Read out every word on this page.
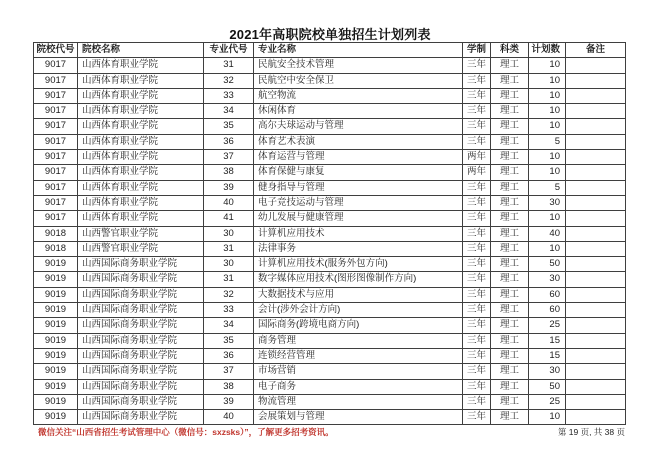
2021年高职院校单独招生计划列表
院校代号	院校名称	专业代号	专业名称	学制	科类	计划数	备注
9017	山西体育职业学院	31	民航安全技术管理	三年	理工	10	
9017	山西体育职业学院	32	民航空中安全保卫	三年	理工	10	
9017	山西体育职业学院	33	航空物流	三年	理工	10	
9017	山西体育职业学院	34	休闲体育	三年	理工	10	
9017	山西体育职业学院	35	高尔夫球运动与管理	三年	理工	10	
9017	山西体育职业学院	36	体育艺术表演	三年	理工	5	
9017	山西体育职业学院	37	体育运营与管理	两年	理工	10	
9017	山西体育职业学院	38	体育保健与康复	两年	理工	10	
9017	山西体育职业学院	39	健身指导与管理	三年	理工	5	
9017	山西体育职业学院	40	电子竞技运动与管理	三年	理工	30	
9017	山西体育职业学院	41	幼儿发展与健康管理	三年	理工	10	
9018	山西警官职业学院	30	计算机应用技术	三年	理工	40	
9018	山西警官职业学院	31	法律事务	三年	理工	10	
9019	山西国际商务职业学院	30	计算机应用技术(服务外包方向)	三年	理工	50	
9019	山西国际商务职业学院	31	数字媒体应用技术(图形图像制作方向)	三年	理工	30	
9019	山西国际商务职业学院	32	大数据技术与应用	三年	理工	60	
9019	山西国际商务职业学院	33	会计(涉外会计方向)	三年	理工	60	
9019	山西国际商务职业学院	34	国际商务(跨境电商方向)	三年	理工	25	
9019	山西国际商务职业学院	35	商务管理	三年	理工	15	
9019	山西国际商务职业学院	36	连锁经营管理	三年	理工	15	
9019	山西国际商务职业学院	37	市场营销	三年	理工	30	
9019	山西国际商务职业学院	38	电子商务	三年	理工	50	
9019	山西国际商务职业学院	39	物流管理	三年	理工	25	
9019	山西国际商务职业学院	40	会展策划与管理	三年	理工	10	
微信关注“山西省招生考试管理中心（微信号：sxzsks）”，了解更多招考资讯。	第 19 页, 共 38 页
